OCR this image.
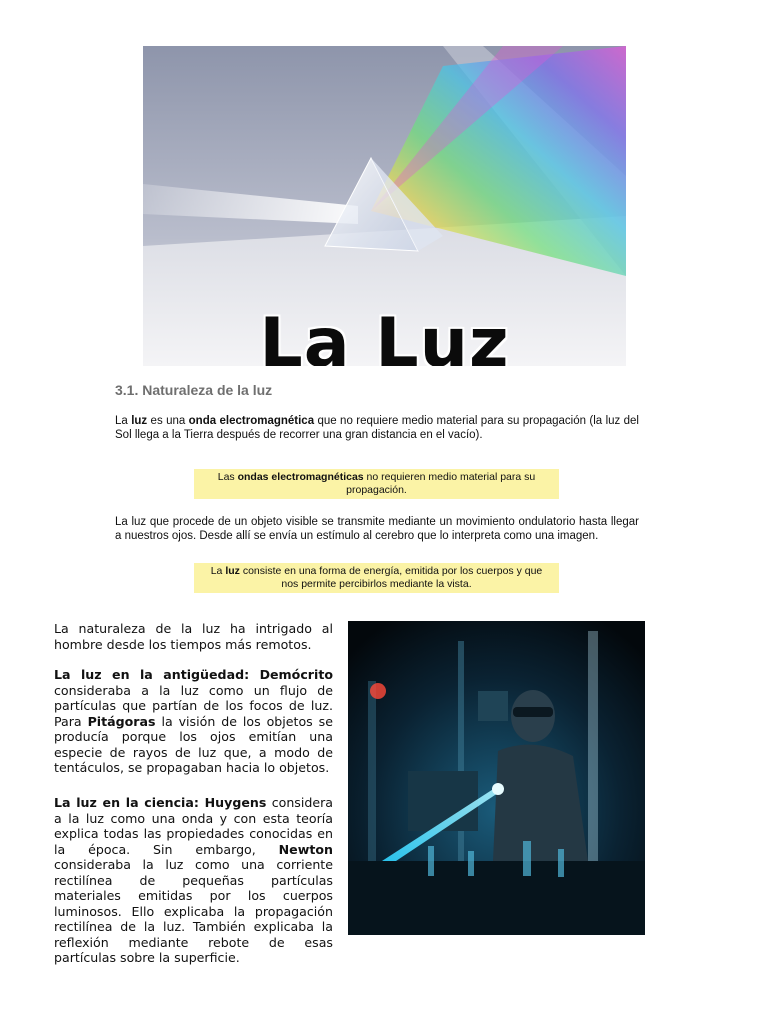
La Luz
3.1. Naturaleza de la luz
La luz es una onda electromagnética que no requiere medio material para su propagación (la luz del Sol llega a la Tierra después de recorrer una gran distancia en el vacío).
Las ondas electromagnéticas no requieren medio material para su propagación.
La luz que procede de un objeto visible se transmite mediante un movimiento ondulatorio hasta llegar a nuestros ojos. Desde allí se envía un estímulo al cerebro que lo interpreta como una imagen.
La luz consiste en una forma de energía, emitida por los cuerpos y que nos permite percibirlos mediante la vista.
La naturaleza de la luz ha intrigado al hombre desde los tiempos más remotos.
La luz en la antigüedad: Demócrito consideraba a la luz como un flujo de partículas que partían de los focos de luz. Para Pitágoras la visión de los objetos se producía porque los ojos emitían una especie de rayos de luz que, a modo de tentáculos, se propagaban hacia lo objetos.
La luz en la ciencia: Huygens considera a la luz como una onda y con esta teoría explica todas las propiedades conocidas en la época. Sin embargo, Newton consideraba la luz como una corriente rectilínea de pequeñas partículas materiales emitidas por los cuerpos luminosos. Ello explicaba la propagación rectilínea de la luz. También explicaba la reflexión mediante rebote de esas partículas sobre la superficie.
